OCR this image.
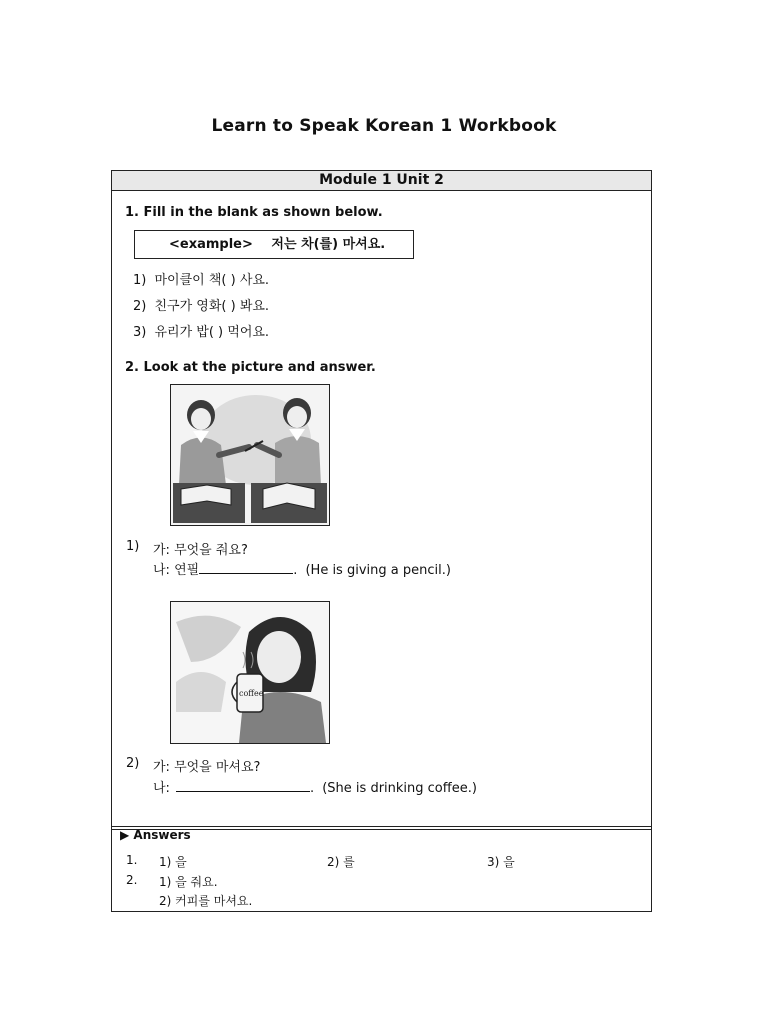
Learn to Speak Korean 1 Workbook
Module 1 Unit 2
1. Fill in the blank as shown below.
<example> 저는 차(를) 마셔요.
1) 마이클이 책( ) 사요.
2) 친구가 영화( ) 봐요.
3) 유리가 밥( ) 먹어요.
2. Look at the picture and answer.
1) 가: 무엇을 줘요?
나: 연필	. (He is giving a pencil.)
coffee
2) 가: 무엇을 마셔요?
나:	. (She is drinking coffee.)
▶ Answers
1. 1) 을	2) 를	3) 을
2. 1) 을 줘요.
2) 커피를 마셔요.
